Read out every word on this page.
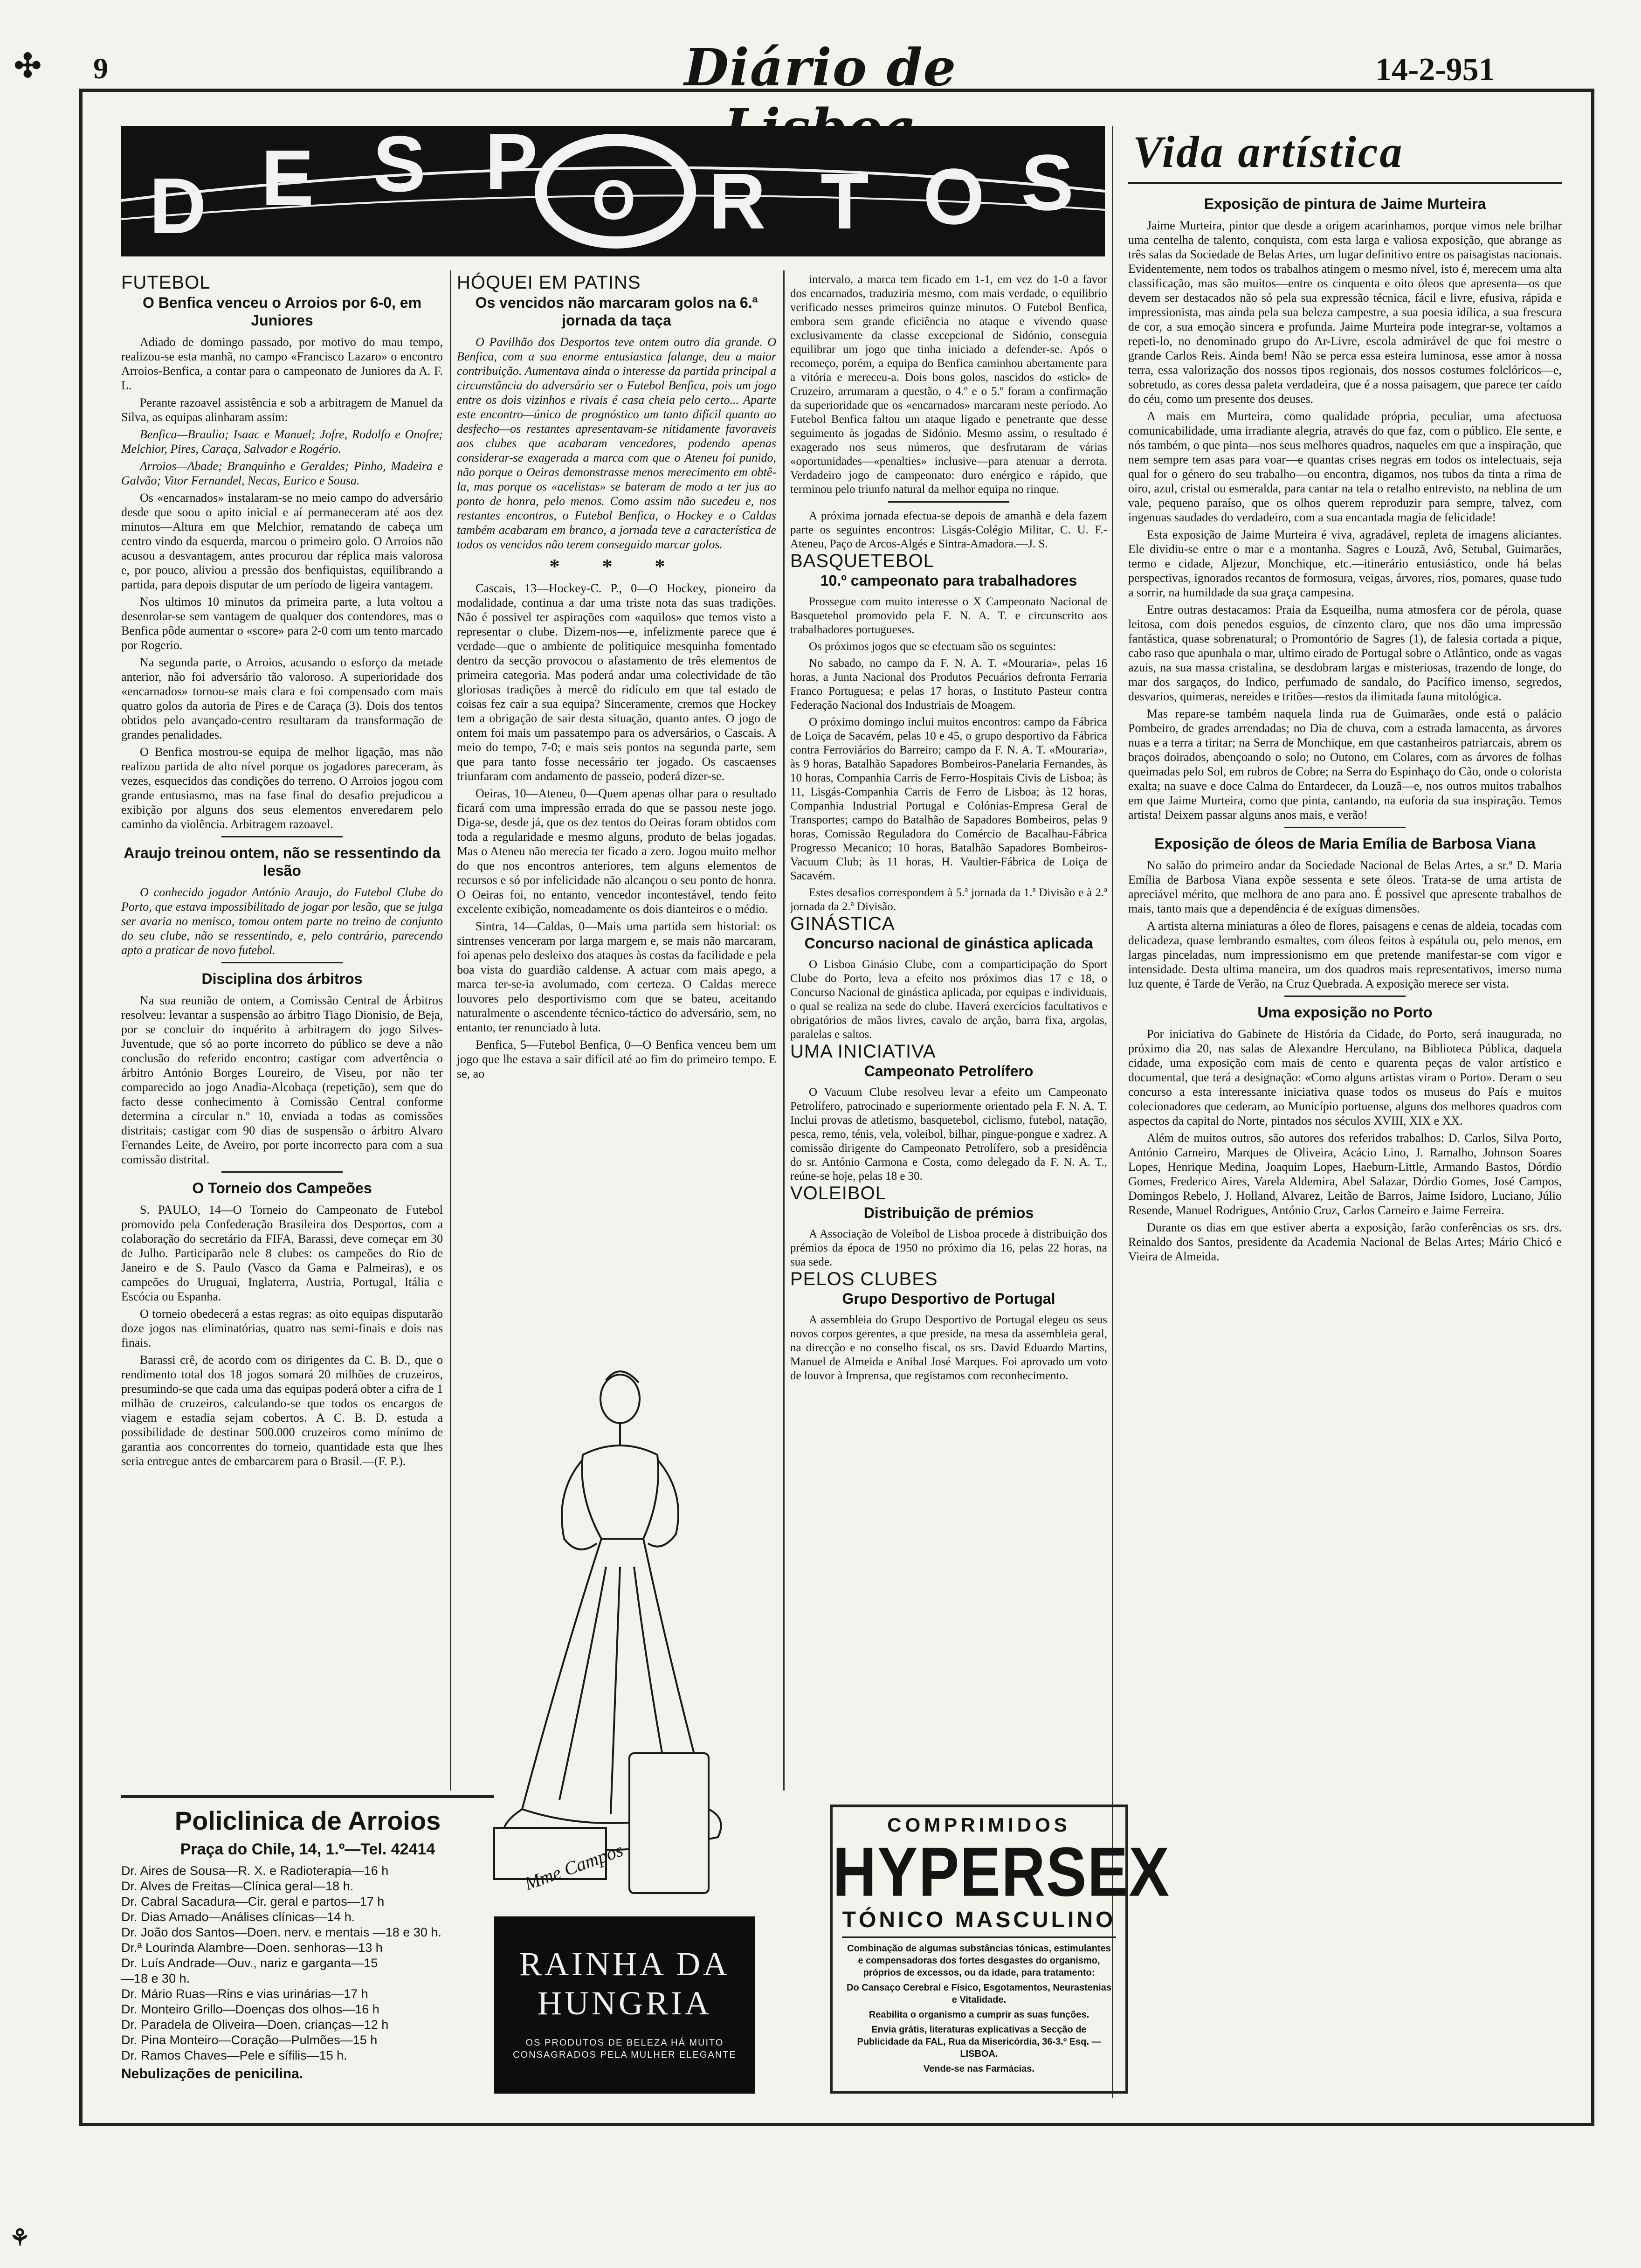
9	Diário de	14-2-951
✣
D E S P O R T O S Vida artística
FUTEBOL
O Benfica venceu o Arroios por 6-0, em Juniores

Adiado de domingo passado, por motivo do mau tempo, realizou-se esta manhã, no campo «Francisco Lazaro» o encontro Arroios-Benfica, a contar para o campeonato de Juniores da A. F. L.

Perante razoavel assistência e sob a arbitragem de Manuel da Silva, as equipas alinharam assim:

Benfica—Braulio; Isaac e Manuel; Jofre, Rodolfo e Onofre; Melchior, Pires, Caraça, Salvador e Rogério.

Arroios—Abade; Branquinho e Geraldes; Pinho, Madeira e Galvão; Vitor Fernandel, Necas, Eurico e Sousa.

Os «encarnados» instalaram-se no meio campo do adversário desde que soou o apito inicial e aí permaneceram até aos dez minutos—Altura em que Melchior, rematando de cabeça um centro vindo da esquerda, marcou o primeiro golo. O Arroios não acusou a desvantagem, antes procurou dar réplica mais valorosa e, por pouco, aliviou a pressão dos benfiquistas, equilibrando a partida, para depois disputar de um período de ligeira vantagem.

Nos ultimos 10 minutos da primeira parte, a luta voltou a desenrolar-se sem vantagem de qualquer dos contendores, mas o Benfica pôde aumentar o «score» para 2-0 com um tento marcado por Rogerio.

Na segunda parte, o Arroios, acusando o esforço da metade anterior, não foi adversário tão valoroso. A superioridade dos «encarnados» tornou-se mais clara e foi compensado com mais quatro golos da autoria de Pires e de Caraça (3). Dois dos tentos obtidos pelo avançado-centro resultaram da transformação de grandes penalidades.

O Benfica mostrou-se equipa de melhor ligação, mas não realizou partida de alto nível porque os jogadores pareceram, às vezes, esquecidos das condições do terreno. O Arroios jogou com grande entusiasmo, mas na fase final do desafio prejudicou a exibição por alguns dos seus elementos enveredarem pelo caminho da violência. Arbitragem razoavel.

Araujo treinou ontem, não se ressentindo da lesão

O conhecido jogador António Araujo, do Futebol Clube do Porto, que estava impossibilitado de jogar por lesão, que se julga ser avaria no menisco, tomou ontem parte no treino de conjunto do seu clube, não se ressentindo, e, pelo contrário, parecendo apto a praticar de novo futebol.

Disciplina dos árbitros

Na sua reunião de ontem, a Comissão Central de Árbitros resolveu: levantar a suspensão ao árbitro Tiago Dionisio, de Beja, por se concluir do inquérito à arbitragem do jogo Silves-Juventude, que só ao porte incorreto do público se deve a não conclusão do referido encontro; castigar com advertência o árbitro António Borges Loureiro, de Viseu, por não ter comparecido ao jogo Anadia-Alcobaça (repetição), sem que do facto desse conhecimento à Comissão Central conforme determina a circular n.º 10, enviada a todas as comissões distritais; castigar com 90 dias de suspensão o árbitro Alvaro Fernandes Leite, de Aveiro, por porte incorrecto para com a sua comissão distrital.

O Torneio dos Campeões

S. PAULO, 14—O Torneio do Campeonato de Futebol promovido pela Confederação Brasileira dos Desportos, com a colaboração do secretário da FIFA, Barassi, deve começar em 30 de Julho. Participarão nele 8 clubes: os campeões do Rio de Janeiro e de S. Paulo (Vasco da Gama e Palmeiras), e os campeões do Uruguai, Inglaterra, Austria, Portugal, Itália e Escócia ou Espanha.

O torneio obedecerá a estas regras: as oito equipas disputarão doze jogos nas eliminatórias, quatro nas semi-finais e dois nas finais.

Barassi crê, de acordo com os dirigentes da C. B. D., que o rendimento total dos 18 jogos somará 20 milhões de cruzeiros, presumindo-se que cada uma das equipas poderá obter a cifra de 1 milhão de cruzeiros, calculando-se que todos os encargos de viagem e estadia sejam cobertos. A C. B. D. estuda a possibilidade de destinar 500.000 cruzeiros como mínimo de garantia aos concorrentes do torneio, quantidade esta que lhes seria entregue antes de embarcarem para o Brasil.—(F. P.).

HÓQUEI EM PATINS
Os vencidos não marcaram golos na 6.ª jornada da taça

O Pavilhão dos Desportos teve ontem outro dia grande. O Benfica, com a sua enorme entusiastica falange, deu a maior contribuição. Aumentava ainda o interesse da partida principal a circunstância do adversário ser o Futebol Benfica, pois um jogo entre os dois vizinhos e rivais é casa cheia pelo certo... Aparte este encontro—único de prognóstico um tanto difícil quanto ao desfecho—os restantes apresentavam-se nitidamente favoraveis aos clubes que acabaram vencedores, podendo apenas considerar-se exagerada a marca com que o Ateneu foi punido, não porque o Oeiras demonstrasse menos merecimento em obtê-la, mas porque os «acelistas» se bateram de modo a ter jus ao ponto de honra, pelo menos. Como assim não sucedeu e, nos restantes encontros, o Futebol Benfica, o Hockey e o Caldas também acabaram em branco, a jornada teve a característica de todos os vencidos não terem conseguido marcar golos.

* * *

Cascais, 13—Hockey-C. P., 0—O Hockey, pioneiro da modalidade, continua a dar uma triste nota das suas tradições. Não é possivel ter aspirações com «aquilos» que temos visto a representar o clube. Dizem-nos—e, infelizmente parece que é verdade—que o ambiente de politiquice mesquinha fomentado dentro da secção provocou o afastamento de três elementos de primeira categoria. Mas poderá andar uma colectividade de tão gloriosas tradições à mercê do ridículo em que tal estado de coisas fez cair a sua equipa? Sinceramente, cremos que Hockey tem a obrigação de sair desta situação, quanto antes. O jogo de ontem foi mais um passatempo para os adversários, o Cascais. A meio do tempo, 7-0; e mais seis pontos na segunda parte, sem que para tanto fosse necessário ter jogado. Os cascaenses triunfaram com andamento de passeio, poderá dizer-se.

Oeiras, 10—Ateneu, 0—Quem apenas olhar para o resultado ficará com uma impressão errada do que se passou neste jogo. Diga-se, desde já, que os dez tentos do Oeiras foram obtidos com toda a regularidade e mesmo alguns, produto de belas jogadas. Mas o Ateneu não merecia ter ficado a zero. Jogou muito melhor do que nos encontros anteriores, tem alguns elementos de recursos e só por infelicidade não alcançou o seu ponto de honra. O Oeiras foi, no entanto, vencedor incontestável, tendo feito excelente exibição, nomeadamente os dois dianteiros e o médio.

Sintra, 14—Caldas, 0—Mais uma partida sem historial: os sintrenses venceram por larga margem e, se mais não marcaram, foi apenas pelo desleixo dos ataques às costas da facilidade e pela boa vista do guardião caldense. A actuar com mais apego, a marca ter-se-ia avolumado, com certeza. O Caldas merece louvores pelo desportivismo com que se bateu, aceitando naturalmente o ascendente técnico-táctico do adversário, sem, no entanto, ter renunciado à luta.

Benfica, 5—Futebol Benfica, 0—O Benfica venceu bem um jogo que lhe estava a sair difícil até ao fim do primeiro tempo. E se, ao

intervalo, a marca tem ficado em 1-1, em vez do 1-0 a favor dos encarnados, traduziria mesmo, com mais verdade, o equilibrio verificado nesses primeiros quinze minutos. O Futebol Benfica, embora sem grande eficiência no ataque e vivendo quase exclusivamente da classe excepcional de Sidónio, conseguia equilibrar um jogo que tinha iniciado a defender-se. Após o recomeço, porém, a equipa do Benfica caminhou abertamente para a vitória e mereceu-a. Dois bons golos, nascidos do «stick» de Cruzeiro, arrumaram a questão, o 4.º e o 5.º foram a confirmação da superioridade que os «encarnados» marcaram neste período. Ao Futebol Benfica faltou um ataque ligado e penetrante que desse seguimento às jogadas de Sidónio. Mesmo assim, o resultado é exagerado nos seus números, que desfrutaram de várias «oportunidades—«penalties» inclusive—para atenuar a derrota. Verdadeiro jogo de campeonato: duro enérgico e rápido, que terminou pelo triunfo natural da melhor equipa no rinque.

A próxima jornada efectua-se depois de amanhã e dela fazem parte os seguintes encontros: Lisgás-Colégio Militar, C. U. F.-Ateneu, Paço de Arcos-Algés e Sintra-Amadora.—J. S.

BASQUETEBOL
10.º campeonato para trabalhadores

Prossegue com muito interesse o X Campeonato Nacional de Basquetebol promovido pela F. N. A. T. e circunscrito aos trabalhadores portugueses.

Os próximos jogos que se efectuam são os seguintes:

No sabado, no campo da F. N. A. T. «Mouraria», pelas 16 horas, a Junta Nacional dos Produtos Pecuários defronta Ferraria Franco Portuguesa; e pelas 17 horas, o Instituto Pasteur contra Federação Nacional dos Industriais de Moagem.

O próximo domingo inclui muitos encontros: campo da Fábrica de Loiça de Sacavém, pelas 10 e 45, o grupo desportivo da Fábrica contra Ferroviários do Barreiro; campo da F. N. A. T. «Mouraria», às 9 horas, Batalhão Sapadores Bombeiros-Panelaria Fernandes, às 10 horas, Companhia Carris de Ferro-Hospitais Civis de Lisboa; às 11, Lisgás-Companhia Carris de Ferro de Lisboa; às 12 horas, Companhia Industrial Portugal e Colónias-Empresa Geral de Transportes; campo do Batalhão de Sapadores Bombeiros, pelas 9 horas, Comissão Reguladora do Comércio de Bacalhau-Fábrica Progresso Mecanico; 10 horas, Batalhão Sapadores Bombeiros-Vacuum Club; às 11 horas, H. Vaultier-Fábrica de Loiça de Sacavém.

Estes desafios correspondem à 5.ª jornada da 1.ª Divisão e à 2.ª jornada da 2.ª Divisão.

GINÁSTICA
Concurso nacional de ginástica aplicada

O Lisboa Ginásio Clube, com a comparticipação do Sport Clube do Porto, leva a efeito nos próximos dias 17 e 18, o Concurso Nacional de ginástica aplicada, por equipas e individuais, o qual se realiza na sede do clube. Haverá exercícios facultativos e obrigatórios de mãos livres, cavalo de arção, barra fixa, argolas, paralelas e saltos.

UMA INICIATIVA
Campeonato Petrolífero

O Vacuum Clube resolveu levar a efeito um Campeonato Petrolífero, patrocinado e superiormente orientado pela F. N. A. T. Inclui provas de atletismo, basquetebol, ciclismo, futebol, natação, pesca, remo, ténis, vela, voleibol, bilhar, pingue-pongue e xadrez. A comissão dirigente do Campeonato Petrolífero, sob a presidência do sr. António Carmona e Costa, como delegado da F. N. A. T., reúne-se hoje, pelas 18 e 30.

VOLEIBOL
Distribuição de prémios

A Associação de Voleibol de Lisboa procede à distribuição dos prémios da época de 1950 no próximo dia 16, pelas 22 horas, na sua sede.

PELOS CLUBES
Grupo Desportivo de Portugal

A assembleia do Grupo Desportivo de Portugal elegeu os seus novos corpos gerentes, a que preside, na mesa da assembleia geral, na direcção e no conselho fiscal, os srs. David Eduardo Martins, Manuel de Almeida e Anibal José Marques. Foi aprovado um voto de louvor à Imprensa, que registamos com reconhecimento.

Exposição de pintura de Jaime Murteira

Jaime Murteira, pintor que desde a origem acarinhamos, porque vimos nele brilhar uma centelha de talento, conquista, com esta larga e valiosa exposição, que abrange as três salas da Sociedade de Belas Artes, um lugar definitivo entre os paisagistas nacionais. Evidentemente, nem todos os trabalhos atingem o mesmo nível, isto é, merecem uma alta classificação, mas são muitos—entre os cinquenta e oito óleos que apresenta—os que devem ser destacados não só pela sua expressão técnica, fácil e livre, efusiva, rápida e impressionista, mas ainda pela sua beleza campestre, a sua poesia idílica, a sua frescura de cor, a sua emoção sincera e profunda. Jaime Murteira pode integrar-se, voltamos a repeti-lo, no denominado grupo do Ar-Livre, escola admirável de que foi mestre o grande Carlos Reis. Ainda bem! Não se perca essa esteira luminosa, esse amor à nossa terra, essa valorização dos nossos tipos regionais, dos nossos costumes folclóricos—e, sobretudo, as cores dessa paleta verdadeira, que é a nossa paisagem, que parece ter caído do céu, como um presente dos deuses.

A mais em Murteira, como qualidade própria, peculiar, uma afectuosa comunicabilidade, uma irradiante alegria, através do que faz, com o público. Ele sente, e nós também, o que pinta—nos seus melhores quadros, naqueles em que a inspiração, que nem sempre tem asas para voar—e quantas crises negras em todos os intelectuais, seja qual for o género do seu trabalho—ou encontra, digamos, nos tubos da tinta a rima de oiro, azul, cristal ou esmeralda, para cantar na tela o retalho entrevisto, na neblina de um vale, pequeno paraíso, que os olhos querem reproduzir para sempre, talvez, com ingenuas saudades do verdadeiro, com a sua encantada magia de felicidade!

Esta exposição de Jaime Murteira é viva, agradável, repleta de imagens aliciantes. Ele dividiu-se entre o mar e a montanha. Sagres e Louzã, Avô, Setubal, Guimarães, termo e cidade, Aljezur, Monchique, etc.—itinerário entusiástico, onde há belas perspectivas, ignorados recantos de formosura, veigas, árvores, rios, pomares, quase tudo a sorrir, na humildade da sua graça campesina.

Entre outras destacamos: Praia da Esqueilha, numa atmosfera cor de pérola, quase leitosa, com dois penedos esguios, de cinzento claro, que nos dão uma impressão fantástica, quase sobrenatural; o Promontório de Sagres (1), de falesia cortada a pique, cabo raso que apunhala o mar, ultimo eirado de Portugal sobre o Atlântico, onde as vagas azuis, na sua massa cristalina, se desdobram largas e misteriosas, trazendo de longe, do mar dos sargaços, do Indico, perfumado de sandalo, do Pacífico imenso, segredos, desvarios, quimeras, nereides e tritões—restos da ilimitada fauna mitológica.

Mas repare-se também naquela linda rua de Guimarães, onde está o palácio Pombeiro, de grades arrendadas; no Dia de chuva, com a estrada lamacenta, as árvores nuas e a terra a tiritar; na Serra de Monchique, em que castanheiros patriarcais, abrem os braços doirados, abençoando o solo; no Outono, em Colares, com as árvores de folhas queimadas pelo Sol, em rubros de Cobre; na Serra do Espinhaço do Cão, onde o colorista exalta; na suave e doce Calma do Entardecer, da Louzã—e, nos outros muitos trabalhos em que Jaime Murteira, como que pinta, cantando, na euforia da sua inspiração. Temos artista! Deixem passar alguns anos mais, e verão!

Exposição de óleos de Maria Emília de Barbosa Viana

No salão do primeiro andar da Sociedade Nacional de Belas Artes, a sr.ª D. Maria Emília de Barbosa Viana expõe sessenta e sete óleos. Trata-se de uma artista de apreciável mérito, que melhora de ano para ano. É possivel que apresente trabalhos de mais, tanto mais que a dependência é de exíguas dimensões.

A artista alterna miniaturas a óleo de flores, paisagens e cenas de aldeia, tocadas com delicadeza, quase lembrando esmaltes, com óleos feitos à espátula ou, pelo menos, em largas pinceladas, num impressionismo em que pretende manifestar-se com vigor e intensidade. Desta ultima maneira, um dos quadros mais representativos, imerso numa luz quente, é Tarde de Verão, na Cruz Quebrada. A exposição merece ser vista.

Uma exposição no Porto

Por iniciativa do Gabinete de História da Cidade, do Porto, será inaugurada, no próximo dia 20, nas salas de Alexandre Herculano, na Biblioteca Pública, daquela cidade, uma exposição com mais de cento e quarenta peças de valor artístico e documental, que terá a designação: «Como alguns artistas viram o Porto». Deram o seu concurso a esta interessante iniciativa quase todos os museus do País e muitos colecionadores que cederam, ao Município portuense, alguns dos melhores quadros com aspectos da capital do Norte, pintados nos séculos XVIII, XIX e XX.

Além de muitos outros, são autores dos referidos trabalhos: D. Carlos, Silva Porto, António Carneiro, Marques de Oliveira, Acácio Lino, J. Ramalho, Johnson Soares Lopes, Henrique Medina, Joaquim Lopes, Haeburn-Little, Armando Bastos, Dórdio Gomes, Frederico Aires, Varela Aldemira, Abel Salazar, Dórdio Gomes, José Campos, Domingos Rebelo, J. Holland, Alvarez, Leitão de Barros, Jaime Isidoro, Luciano, Júlio Resende, Manuel Rodrigues, António Cruz, Carlos Carneiro e Jaime Ferreira.

Durante os dias em que estiver aberta a exposição, farão conferências os srs. drs. Reinaldo dos Santos, presidente da Academia Nacional de Belas Artes; Mário Chicó e Vieira de Almeida.

Policlinica de Arroios
Praça do Chile, 14, 1.º—Tel. 42414
Dr. Aires de Sousa—R. X. e Radioterapia—16 h
Dr. Alves de Freitas—Clínica geral—18 h.
Dr. Cabral Sacadura—Cir. geral e partos—17 h
Dr. Dias Amado—Análises clínicas—14 h.
Dr. João dos Santos—Doen. nerv. e mentais —18 e 30 h.
Dr.ª Lourinda Alambre—Doen. senhoras—13 h
Dr. Luís Andrade—Ouv., nariz e garganta—15
—18 e 30 h.
Dr. Mário Ruas—Rins e vias urinárias—17 h
Dr. Monteiro Grillo—Doenças dos olhos—16 h
Dr. Paradela de Oliveira—Doen. crianças—12 h
Dr. Pina Monteiro—Coração—Pulmões—15 h
Dr. Ramos Chaves—Pele e sífilis—15 h.
Nebulizações de penicilina.
Mme Campos
RAINHA DA
HUNGRIA
OS PRODUTOS DE BELEZA HÁ MUITO CONSAGRADOS PELA MULHER ELEGANTE
COMPRIMIDOS
HYPERSEX
TÓNICO MASCULINO
Combinação de algumas substâncias tónicas, estimulantes e compensadoras dos fortes desgastes do organismo, próprios de excessos, ou da idade, para tratamento:
Do Cansaço Cerebral e Físico, Esgotamentos, Neurastenias e Vitalidade.
Reabilita o organismo a cumprir as suas funções.
Envia grátis, literaturas explicativas a Secção de Publicidade da FAL, Rua da Misericórdia, 36-3.º Esq. — LISBOA.
Vende-se nas Farmácias.
⚘
